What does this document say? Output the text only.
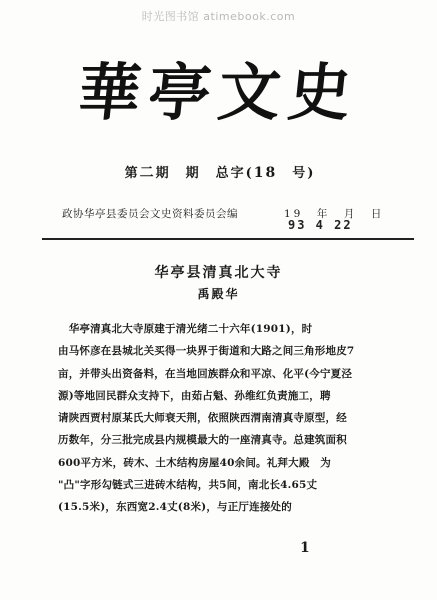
时光图书馆 atimebook.com
華亭文史
第二期　期　总字(18　 号)
政协华亭县委员会文史资料委员会编	19　年　月　日
93 4 22
华亭县清真北大寺
禹殿华
　华亭清真北大寺原建于清光绪二十六年(1901)，时
由马怀彦在县城北关买得一块界于街道和大路之间三角形地皮7
亩，并带头出资备料，在当地回族群众和平凉、化平(今宁夏泾
源)等地回民群众支持下，由茹占魁、孙维红负责施工，聘
请陕西贾村原某氏大师衰天荆，依照陕西渭南清真寺原型，经
历数年，分三批完成县内规模最大的一座清真寺。总建筑面积
600平方米，砖木、土木结构房屋40余间。礼拜大殿　为
"凸"字形勾链式三进砖木结构，共5间，南北长4.65丈
(15.5米)，东西宽2.4丈(8米)，与正厅连接处的
1
